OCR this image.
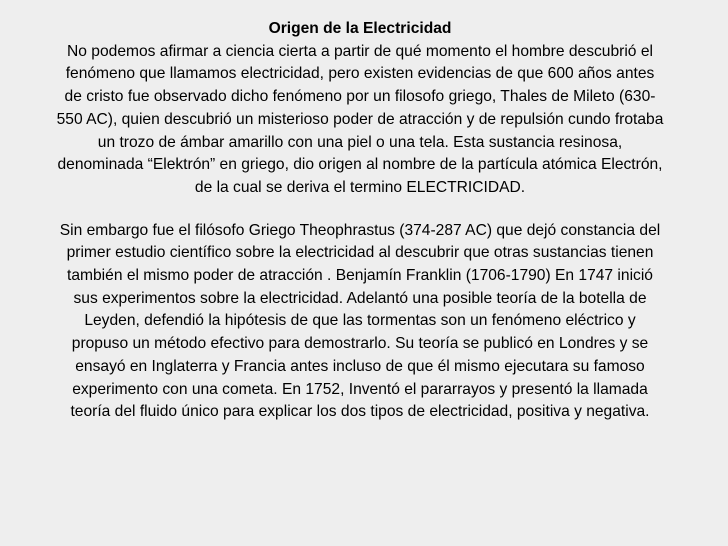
Origen de la Electricidad

No podemos afirmar a ciencia cierta a partir de qué momento el hombre descubrió el fenómeno que llamamos electricidad, pero existen evidencias de que 600 años antes de cristo fue observado dicho fenómeno por un filosofo griego, Thales de Mileto (630-550 AC), quien descubrió un misterioso poder de atracción y de repulsión cundo frotaba un trozo de ámbar amarillo con una piel o una tela. Esta sustancia resinosa, denominada “Elektrón” en griego, dio origen al nombre de la partícula atómica Electrón, de la cual se deriva el termino ELECTRICIDAD.

Sin embargo fue el filósofo Griego Theophrastus (374-287 AC) que dejó constancia del primer estudio científico sobre la electricidad al descubrir que otras sustancias tienen también el mismo poder de atracción . Benjamín Franklin (1706-1790) En 1747 inició sus experimentos sobre la electricidad. Adelantó una posible teoría de la botella de Leyden, defendió la hipótesis de que las tormentas son un fenómeno eléctrico y propuso un método efectivo para demostrarlo. Su teoría se publicó en Londres y se ensayó en Inglaterra y Francia antes incluso de que él mismo ejecutara su famoso experimento con una cometa. En 1752, Inventó el pararrayos y presentó la llamada teoría del fluido único para explicar los dos tipos de electricidad, positiva y negativa.
